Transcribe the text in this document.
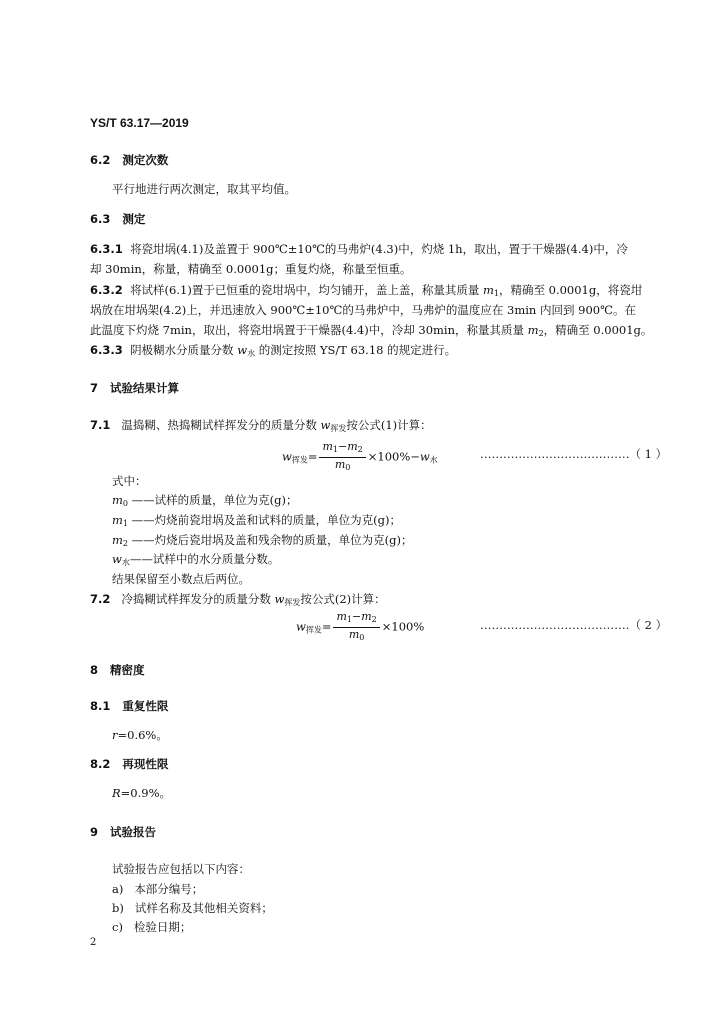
YS/T 63.17—2019
6.2 测定次数
平行地进行两次测定，取其平均值。
6.3 测定
6.3.1 将瓷坩埚(4.1)及盖置于 900℃±10℃的马弗炉(4.3)中，灼烧 1h，取出，置于干燥器(4.4)中，冷
却 30min，称量，精确至 0.0001g；重复灼烧，称量至恒重。
6.3.2 将试样(6.1)置于已恒重的瓷坩埚中，均匀铺开，盖上盖，称量其质量 $m_1$，精确至 0.0001g，将瓷坩
埚放在坩埚架(4.2)上，并迅速放入 900℃±10℃的马弗炉中，马弗炉的温度应在 3min 内回到 900℃。在
此温度下灼烧 7min，取出，将瓷坩埚置于干燥器(4.4)中，冷却 30min，称量其质量 $m_2$，精确至 0.0001g。
6.3.3 阴极糊水分质量分数 $w_水$ 的测定按照 YS/T 63.18 的规定进行。
7 试验结果计算
7.1 温捣糊、热捣糊试样挥发分的质量分数 $w_{挥发}$按公式(1)计算：
$w_{挥发}= \frac{m_1-m_2}{m_0} \times 100\%-w_水$	…………………………………（ 1 ）
式中：
$m_0$ ——试样的质量，单位为克(g)；
$m_1$ ——灼烧前瓷坩埚及盖和试料的质量，单位为克(g)；
$m_2$ ——灼烧后瓷坩埚及盖和残余物的质量，单位为克(g)；
$w_水——$试样中的水分质量分数。
结果保留至小数点后两位。
7.2 冷捣糊试样挥发分的质量分数 $w_{挥发}$按公式(2)计算：
$w_{挥发}= \frac{m_1-m_2}{m_0} \times 100\%$	…………………………………（ 2 ）
8 精密度
8.1 重复性限
r=0.6%。
8.2 再现性限
R=0.9%。
9 试验报告
试验报告应包括以下内容：
a) 本部分编号；
b) 试样名称及其他相关资料；
c) 检验日期；
2
